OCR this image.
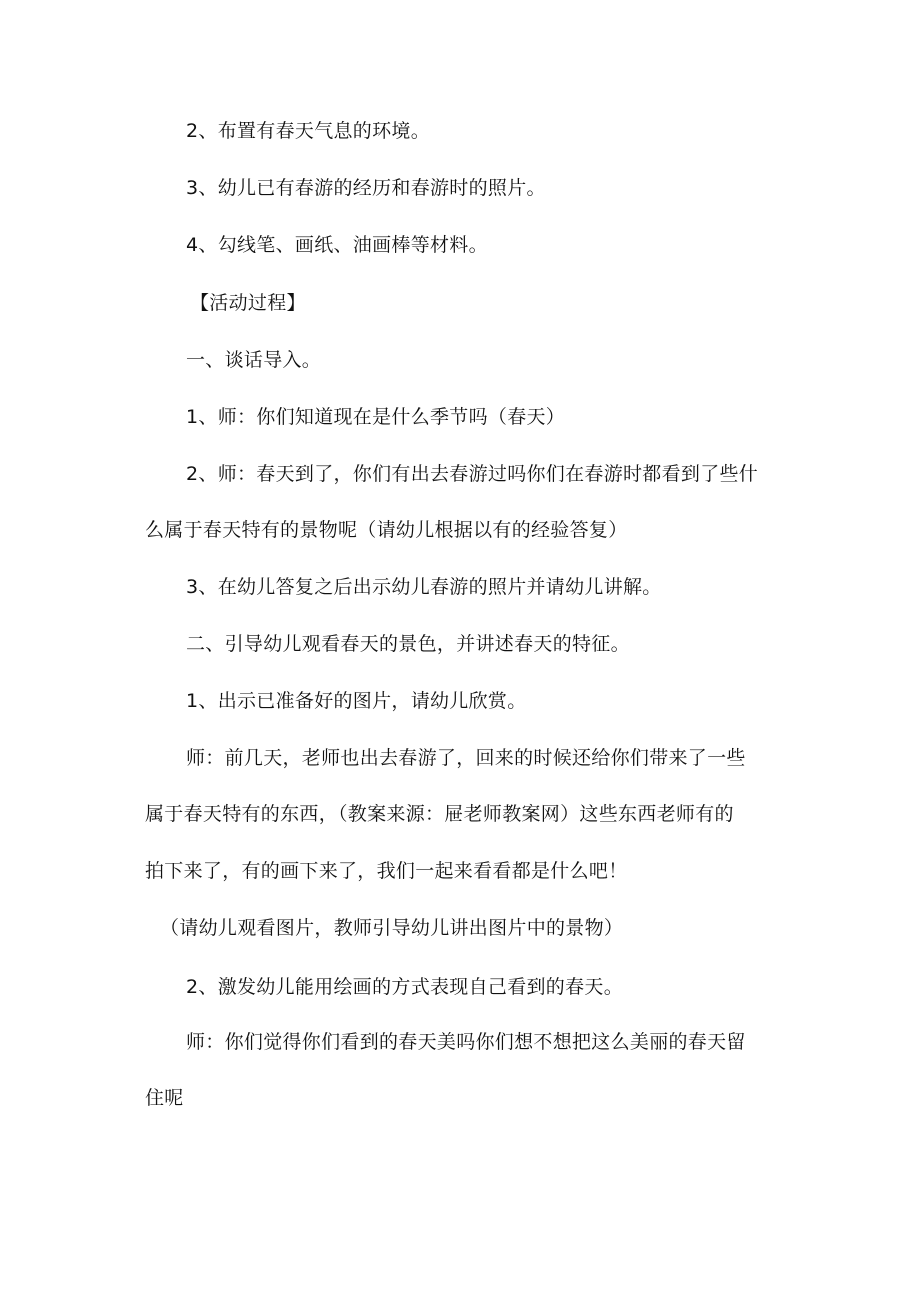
2、布置有春天气息的环境。
3、幼儿已有春游的经历和春游时的照片。
4、勾线笔、画纸、油画棒等材料。
【活动过程】
一、谈话导入。
1、师：你们知道现在是什么季节吗（春天）
2、师：春天到了，你们有出去春游过吗你们在春游时都看到了些什
么属于春天特有的景物呢（请幼儿根据以有的经验答复）
3、在幼儿答复之后出示幼儿春游的照片并请幼儿讲解。
二、引导幼儿观看春天的景色，并讲述春天的特征。
1、出示已准备好的图片，请幼儿欣赏。
师：前几天，老师也出去春游了，回来的时候还给你们带来了一些
属于春天特有的东西，（教案来源：屉老师教案网）这些东西老师有的
拍下来了，有的画下来了，我们一起来看看都是什么吧！
（请幼儿观看图片，教师引导幼儿讲出图片中的景物）
2、激发幼儿能用绘画的方式表现自己看到的春天。
师：你们觉得你们看到的春天美吗你们想不想把这么美丽的春天留
住呢
